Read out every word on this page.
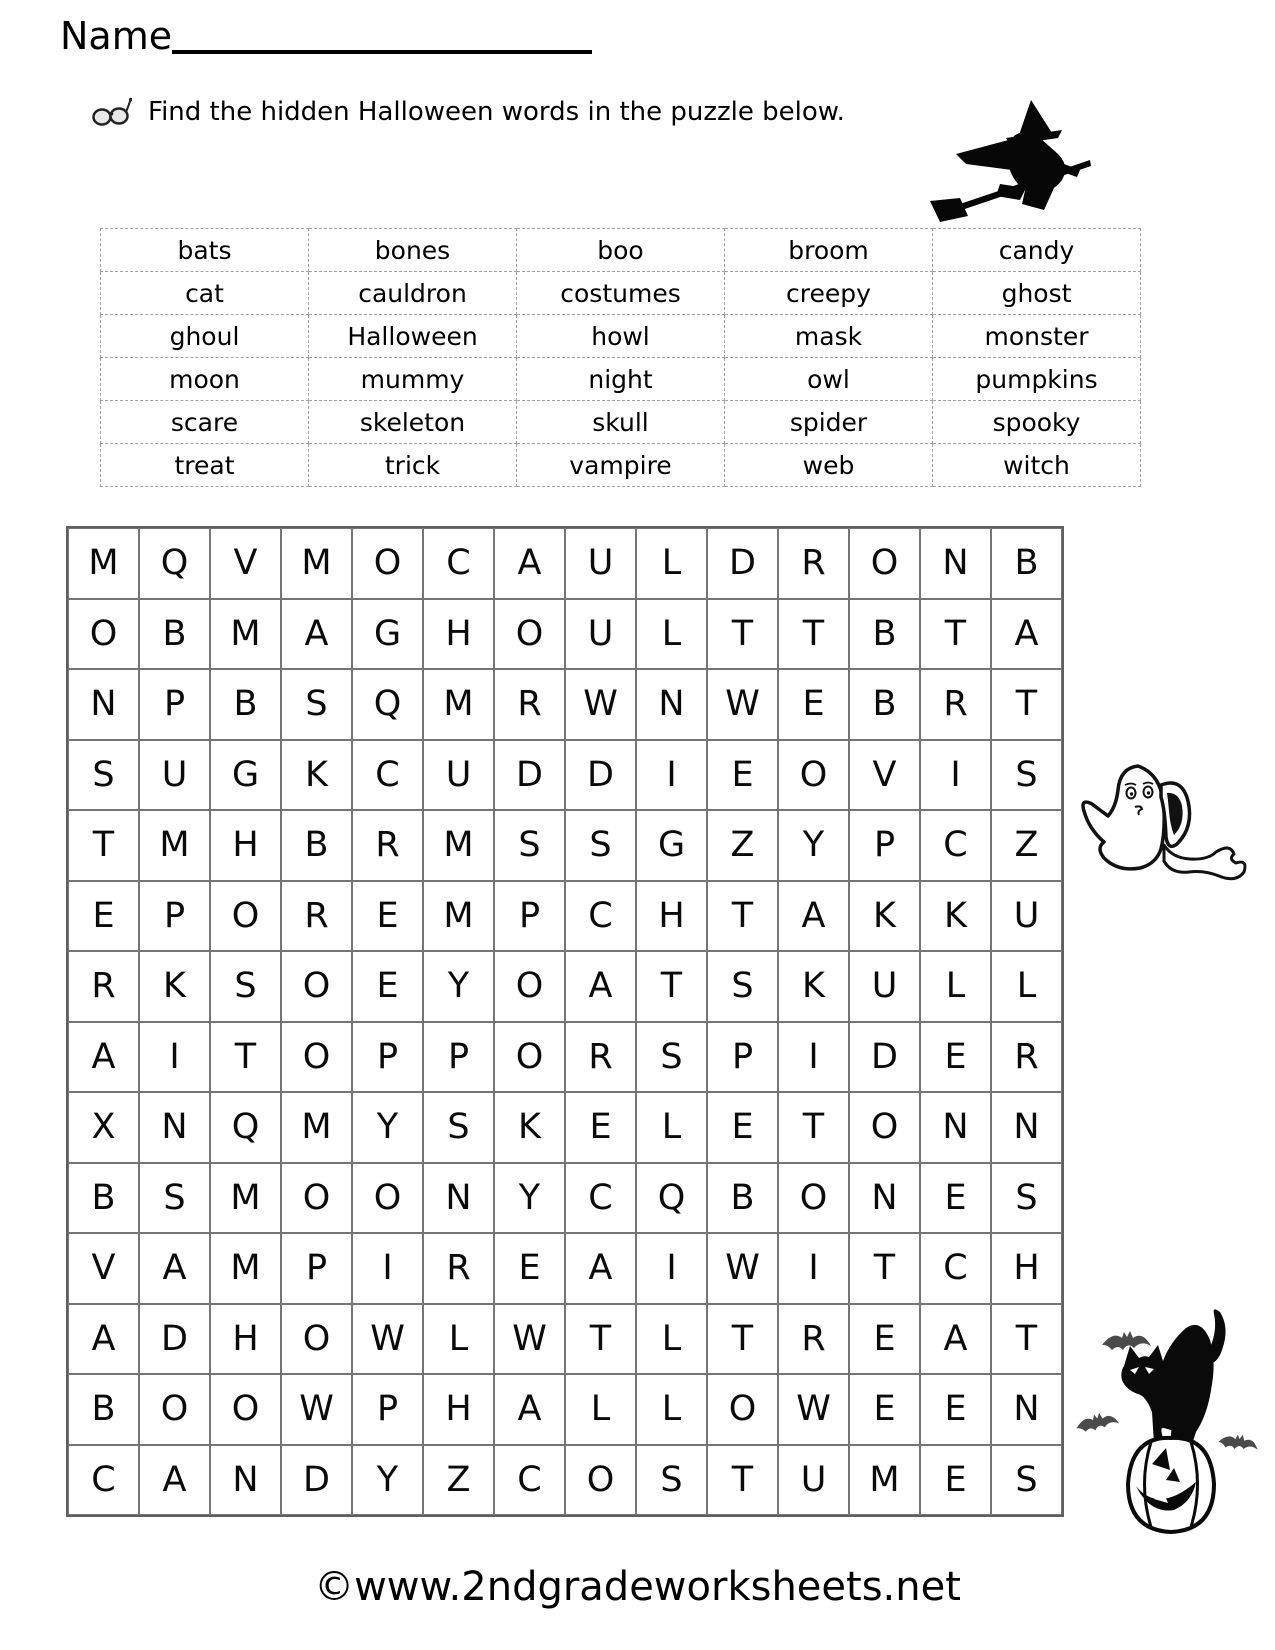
Name
Find the hidden Halloween words in the puzzle below.
bats	bones	boo	broom	candy
cat	cauldron	costumes	creepy	ghost
ghoul	Halloween	howl	mask	monster
moon	mummy	night	owl	pumpkins
scare	skeleton	skull	spider	spooky
treat	trick	vampire	web	witch
M	Q	V	M	O	C	A	U	L	D	R	O	N	B
O	B	M	A	G	H	O	U	L	T	T	B	T	A
N	P	B	S	Q	M	R	W	N	W	E	B	R	T
S	U	G	K	C	U	D	D	I	E	O	V	I	S
T	M	H	B	R	M	S	S	G	Z	Y	P	C	Z
E	P	O	R	E	M	P	C	H	T	A	K	K	U
R	K	S	O	E	Y	O	A	T	S	K	U	L	L
A	I	T	O	P	P	O	R	S	P	I	D	E	R
X	N	Q	M	Y	S	K	E	L	E	T	O	N	N
B	S	M	O	O	N	Y	C	Q	B	O	N	E	S
V	A	M	P	I	R	E	A	I	W	I	T	C	H
A	D	H	O	W	L	W	T	L	T	R	E	A	T
B	O	O	W	P	H	A	L	L	O	W	E	E	N
C	A	N	D	Y	Z	C	O	S	T	U	M	E	S
©www.2ndgradeworksheets.net
